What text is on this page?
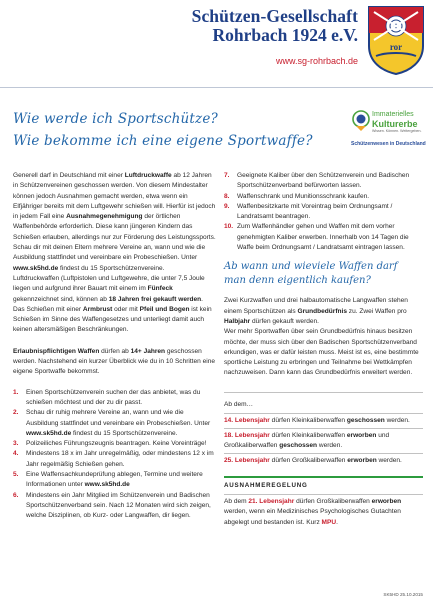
Schützen-Gesellschaft
Rohrbach 1924 e.V.
www.sg-rohrbach.de
ror
Wie werde ich Sportschütze?
Wie bekomme ich eine eigene Sportwaffe?
Immaterielles
Kulturerbe
Wissen. Können. Weitergeben.
Schützenwesen in Deutschland

Generell darf in Deutschland mit einer Luftdruckwaffe ab 12 Jahren in Schützenvereinen geschossen werden. Von diesem Mindestalter können jedoch Ausnahmen gemacht werden, etwa wenn ein Elfjähriger bereits mit dem Luftgewehr schießen will. Hierfür ist jedoch in jedem Fall eine Ausnahmegenehmigung der örtlichen Waffenbehörde erforderlich. Diese kann jüngeren Kindern das Schießen erlauben, allerdings nur zur Förderung des Leistungssports.

Schau dir mit deinen Eltern mehrere Vereine an, wann und wie die Ausbildung stattfindet und vereinbare ein Probeschießen. Unter www.sk5hd.de findest du 15 Sportschützenvereine.

Luftdruckwaffen (Luftpistolen und Luftgewehre, die unter 7,5 Joule liegen und aufgrund ihrer Bauart mit einem im Fünfeck gekennzeichnet sind, können ab 18 Jahren frei gekauft werden.

Das Schießen mit einer Armbrust oder mit Pfeil und Bogen ist kein Schießen im Sinne des Waffengesetzes und unterliegt damit auch keinen altersmäßigen Beschränkungen.

Erlaubnispflichtigen Waffen dürfen ab 14+ Jahren geschossen werden. Nachstehend ein kurzer Überblick wie du in 10 Schritten eine eigene Sportwaffe bekommst.

1. Einen Sportschützenverein suchen der das anbietet, was du schießen möchtest und der zu dir passt.
2. Schau dir ruhig mehrere Vereine an, wann und wie die Ausbildung stattfindet und vereinbare ein Probeschießen. Unter www.sk5hd.de findest du 15 Sportschützenvereine.
3. Polizeiliches Führungszeugnis beantragen. Keine Voreinträge!
4. Mindestens 18 x im Jahr unregelmäßig, oder mindestens 12 x im Jahr regelmäßig Schießen gehen.
5. Eine Waffensachkundeprüfung ablegen, Termine und weitere Informationen unter www.sk5hd.de
6. Mindestens ein Jahr Mitglied im Schützenverein und Badischen Sportschützenverband sein. Nach 12 Monaten wird sich zeigen, welche Disziplinen, ob Kurz- oder Langwaffen, dir liegen.
7. Geeignete Kaliber über den Schützenverein und Badischen Sportschützenverband befürworten lassen.
8. Waffenschrank und Munitionsschrank kaufen.
9. Waffenbesitzkarte mit Voreintrag beim Ordnungsamt / Landratsamt beantragen.
10. Zum Waffenhändler gehen und Waffen mit dem vorher genehmigten Kaliber erwerben. Innerhalb von 14 Tagen die Waffe beim Ordnungsamt / Landratsamt eintragen lassen.
Ab wann und wieviele Waffen darf
man denn eigentlich kaufen?

Zwei Kurzwaffen und drei halbautomatische Langwaffen stehen einem Sportschützen als Grundbedürfnis zu. Zwei Waffen pro Halbjahr dürfen gekauft werden.

Wer mehr Sportwaffen über sein Grundbedürfnis hinaus besitzen möchte, der muss sich über den Badischen Sportschützenverband erkundigen, was er dafür leisten muss. Meist ist es, eine bestimmte sportliche Leistung zu erbringen und Teilnahme bei Wettkämpfen nachzuweisen. Dann kann das Grundbedürfnis erweitert werden.

Ab dem…

14. Lebensjahr dürfen Kleinkaliberwaffen geschossen werden.

18. Lebensjahr dürfen Kleinkaliberwaffen erworben und Großkaliberwaffen geschossen werden.

25. Lebensjahr dürfen Großkaliberwaffen erworben werden.

AUSNAHMEREGELUNG

Ab dem 21. Lebensjahr dürfen Großkaliberwaffen erworben werden, wenn ein Medizinisches Psychologisches Gutachten abgelegt und bestanden ist. Kurz MPU.

SK5HD 25.10.2015
